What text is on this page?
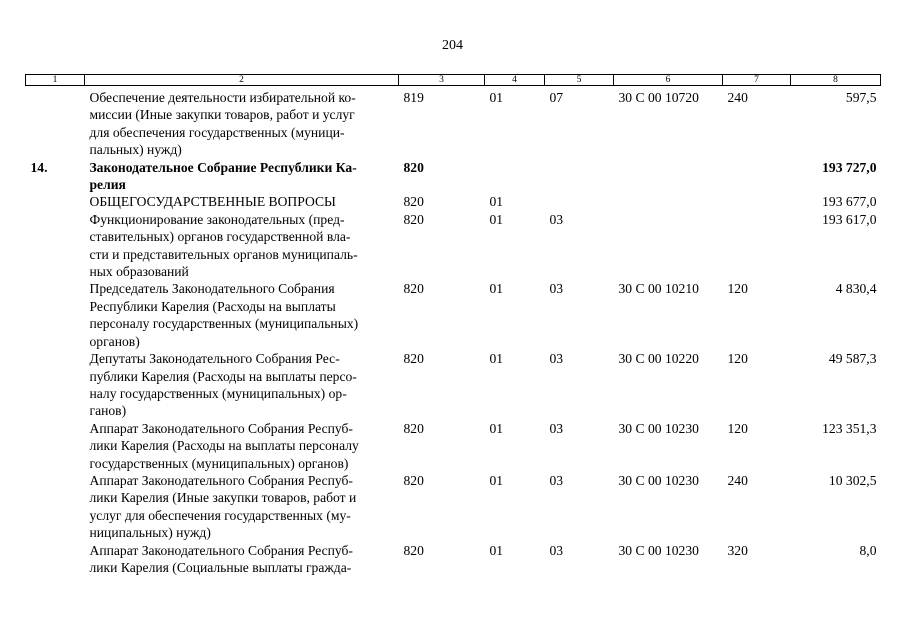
204
1	2	3	4	5	6	7	8

	Обеспечение деятельности избирательной ко-
миссии (Иные закупки товаров, работ и услуг
для обеспечения государственных (муници-
пальных) нужд)	819	01	07	30 С 00 10720	240	597,5
14.	Законодательное Собрание Республики Ка-
релия	820					193 727,0

	ОБЩЕГОСУДАРСТВЕННЫЕ ВОПРОСЫ	820	01				193 677,0

	Функционирование законодательных (пред-
ставительных) органов государственной вла-
сти и представительных органов муниципаль-
ных образований	820	01	03			193 617,0

	Председатель Законодательного Собрания
Республики Карелия (Расходы на выплаты
персоналу государственных (муниципальных)
органов)	820	01	03	30 С 00 10210	120	4 830,4

	Депутаты Законодательного Собрания Рес-
публики Карелия (Расходы на выплаты персо-
налу государственных (муниципальных) ор-
ганов)	820	01	03	30 С 00 10220	120	49 587,3

	Аппарат Законодательного Собрания Респуб-
лики Карелия (Расходы на выплаты персоналу
государственных (муниципальных) органов)	820	01	03	30 С 00 10230	120	123 351,3

	Аппарат Законодательного Собрания Респуб-
лики Карелия (Иные закупки товаров, работ и
услуг для обеспечения государственных (му-
ниципальных) нужд)	820	01	03	30 С 00 10230	240	10 302,5

	Аппарат Законодательного Собрания Респуб-
лики Карелия (Социальные выплаты гражда-	820	01	03	30 С 00 10230	320	8,0
